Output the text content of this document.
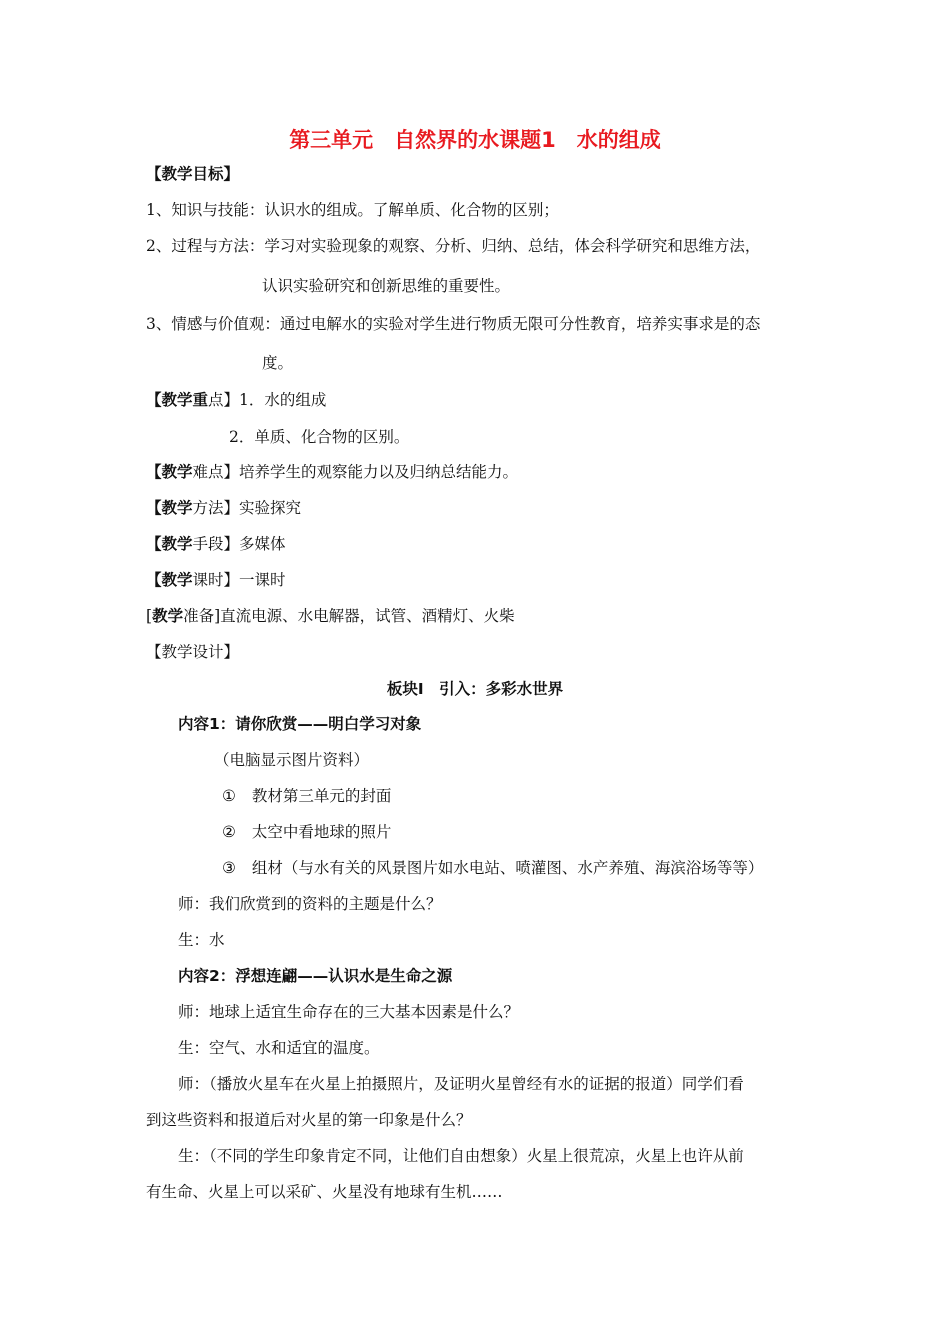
第三单元　自然界的水课题1　水的组成
【教学目标】
1、知识与技能：认识水的组成。了解单质、化合物的区别；
2、过程与方法：学习对实验现象的观察、分析、归纳、总结，体会科学研究和思维方法，
认识实验研究和创新思维的重要性。
3、情感与价值观：通过电解水的实验对学生进行物质无限可分性教育，培养实事求是的态
度。
【教学重点】1．水的组成
2．单质、化合物的区别。
【教学难点】培养学生的观察能力以及归纳总结能力。
【教学方法】实验探究
【教学手段】多媒体
【教学课时】一课时
[教学准备]直流电源、水电解器，试管、酒精灯、火柴
【教学设计】
板块Ⅰ　引入：多彩水世界
内容1：请你欣赏——明白学习对象
（电脑显示图片资料）
① 教材第三单元的封面
② 太空中看地球的照片
③ 组材（与水有关的风景图片如水电站、喷灌图、水产养殖、海滨浴场等等）
师：我们欣赏到的资料的主题是什么？
生：水
内容2：浮想连翩——认识水是生命之源
师：地球上适宜生命存在的三大基本因素是什么？
生：空气、水和适宜的温度。
师：（播放火星车在火星上拍摄照片，及证明火星曾经有水的证据的报道）同学们看
到这些资料和报道后对火星的第一印象是什么？
生：（不同的学生印象肯定不同，让他们自由想象）火星上很荒凉，火星上也许从前
有生命、火星上可以采矿、火星没有地球有生机……
